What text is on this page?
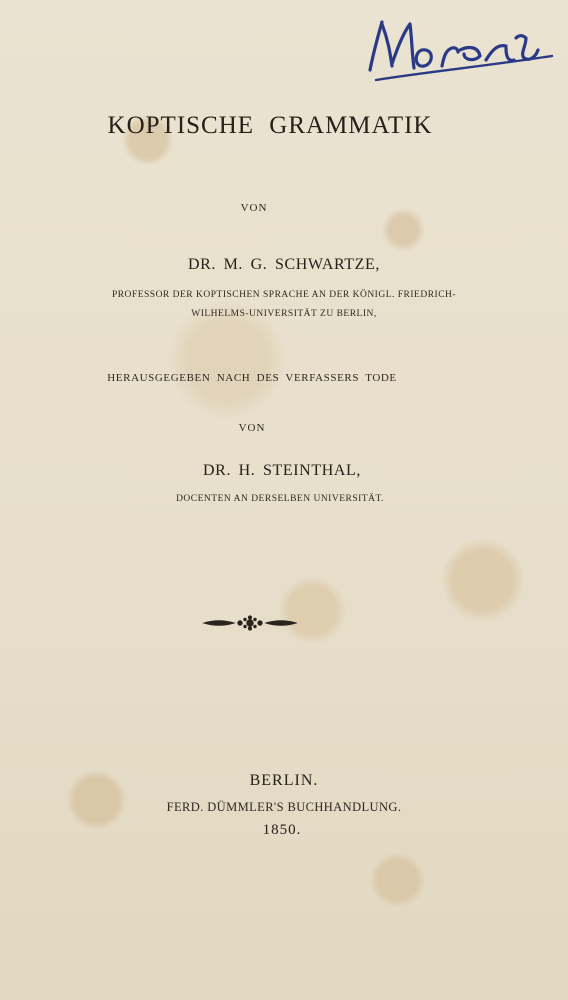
KOPTISCHE GRAMMATIK
VON
DR. M. G. SCHWARTZE,
PROFESSOR DER KOPTISCHEN SPRACHE AN DER KÖNIGL. FRIEDRICH-
WILHELMS-UNIVERSITÄT ZU BERLIN,
HERAUSGEGEBEN NACH DES VERFASSERS TODE
VON
DR. H. STEINTHAL,
DOCENTEN AN DERSELBEN UNIVERSITÄT.
BERLIN.
FERD. DÜMMLER'S BUCHHANDLUNG.
1850.
